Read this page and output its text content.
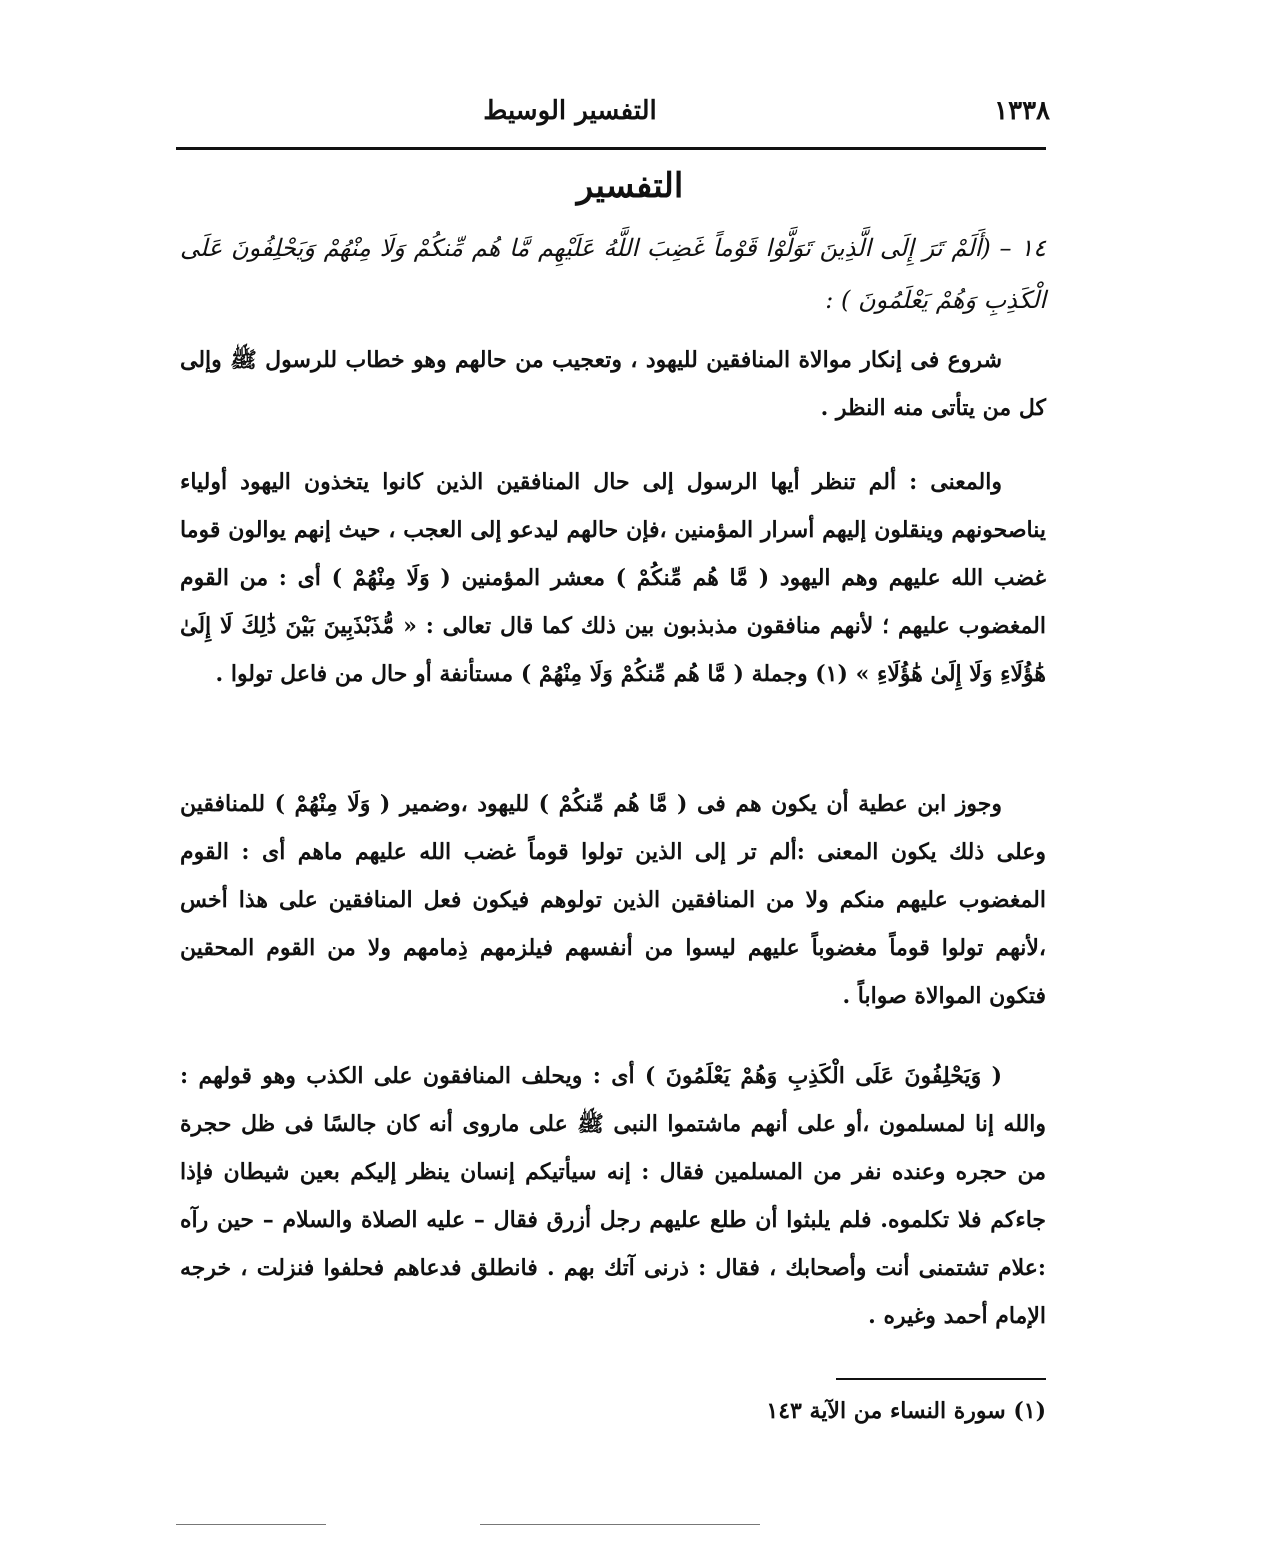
التفسير الوسيط	١٣٣٨
التفسير
١٤ – (أَلَمْ تَرَ إِلَى الَّذِينَ تَوَلَّوْا قَوْماً غَضِبَ اللَّهُ عَلَيْهِم مَّا هُم مِّنكُمْ وَلَا مِنْهُمْ وَيَحْلِفُونَ عَلَى الْكَذِبِ وَهُمْ يَعْلَمُونَ ) :

شروع فى إنكار موالاة المنافقين لليهود ، وتعجيب من حالهم وهو خطاب للرسول ﷺ وإلى كل من يتأتى منه النظر .

والمعنى : ألم تنظر أيها الرسول إلى حال المنافقين الذين كانوا يتخذون اليهود أولياء يناصحونهم وينقلون إليهم أسرار المؤمنين ،فإن حالهم ليدعو إلى العجب ، حيث إنهم يوالون قوما غضب الله عليهم وهم اليهود ( مَّا هُم مِّنكُمْ ) معشر المؤمنين ( وَلَا مِنْهُمْ ) أى : من القوم المغضوب عليهم ؛ لأنهم منافقون مذبذبون بين ذلك كما قال تعالى : « مُّذَبْذَبِينَ بَيْنَ ذَٰلِكَ لَا إِلَىٰ هَٰؤُلَاءِ وَلَا إِلَىٰ هَٰؤُلَاءِ » (١) وجملة ( مَّا هُم مِّنكُمْ وَلَا مِنْهُمْ ) مستأنفة أو حال من فاعل تولوا .

وجوز ابن عطية أن يكون هم فى ( مَّا هُم مِّنكُمْ ) لليهود ،وضمير ( وَلَا مِنْهُمْ ) للمنافقين وعلى ذلك يكون المعنى :ألم تر إلى الذين تولوا قوماً غضب الله عليهم ماهم أى : القوم المغضوب عليهم منكم ولا من المنافقين الذين تولوهم فيكون فعل المنافقين على هذا أخس ،لأنهم تولوا قوماً مغضوباً عليهم ليسوا من أنفسهم فيلزمهم ذِمامهم ولا من القوم المحقين فتكون الموالاة صواباً .

( وَيَحْلِفُونَ عَلَى الْكَذِبِ وَهُمْ يَعْلَمُونَ ) أى : ويحلف المنافقون على الكذب وهو قولهم : والله إنا لمسلمون ،أو على أنهم ماشتموا النبى ﷺ على ماروى أنه كان جالسًا فى ظل حجرة من حجره وعنده نفر من المسلمين فقال : إنه سيأتيكم إنسان ينظر إليكم بعين شيطان فإذا جاءكم فلا تكلموه. فلم يلبثوا أن طلع عليهم رجل أزرق فقال – عليه الصلاة والسلام – حين رآه :علام تشتمنى أنت وأصحابك ، فقال : ذرنى آتك بهم . فانطلق فدعاهم فحلفوا فنزلت ، خرجه الإمام أحمد وغيره .

(١) سورة النساء من الآية ١٤٣
